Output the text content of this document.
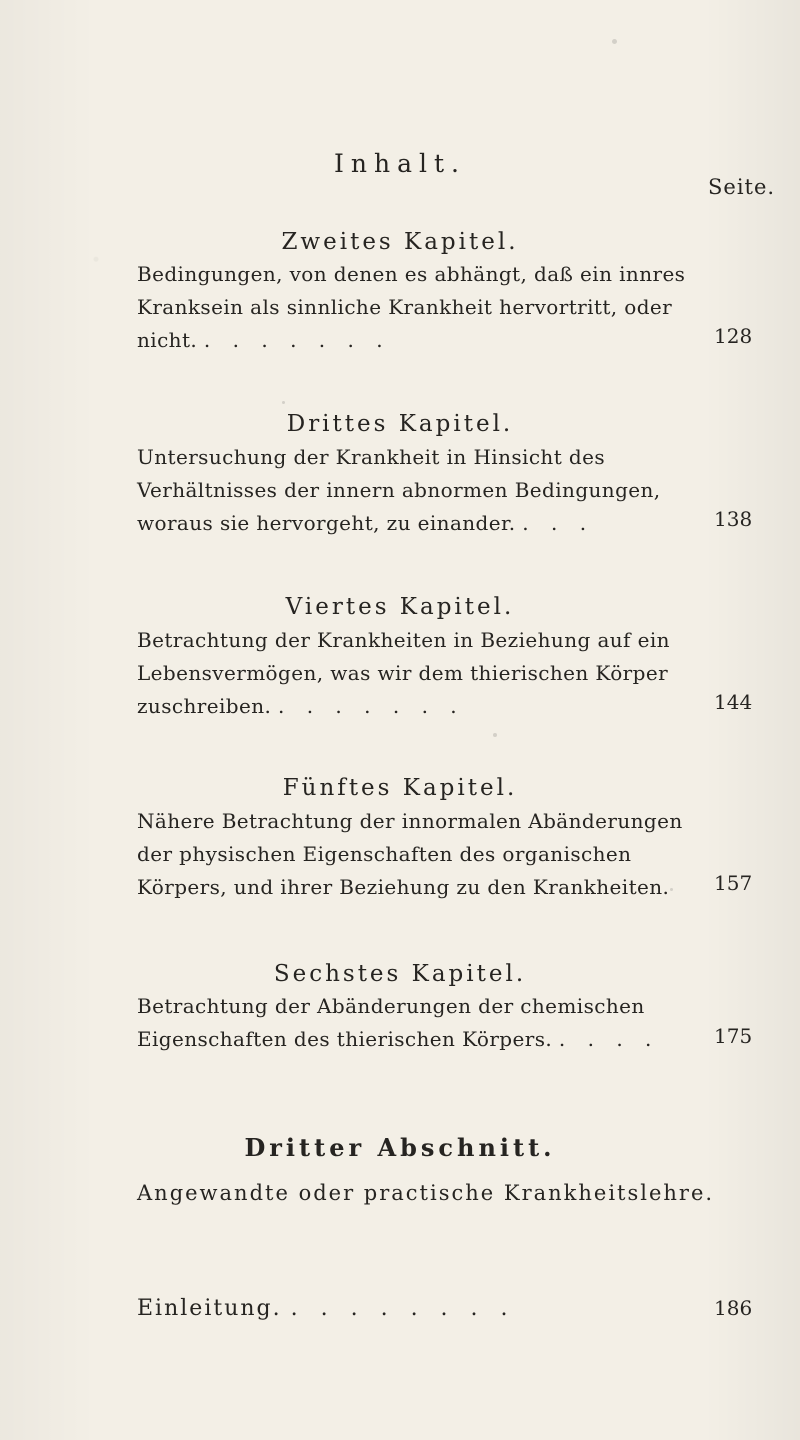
Inhalt.
Seite.
Zweites Kapitel.
Bedingungen, von denen es abhängt, daß ein innres Kranksein als sinnliche Krankheit hervortritt, oder nicht. . . . . . . .	128
Drittes Kapitel.
Untersuchung der Krankheit in Hinsicht des Verhältnisses der innern abnormen Bedingungen, woraus sie hervorgeht, zu einander. . . .	138
Viertes Kapitel.
Betrachtung der Krankheiten in Beziehung auf ein Lebensvermögen, was wir dem thierischen Körper zuschreiben. . . . . . . .	144
Fünftes Kapitel.
Nähere Betrachtung der innormalen Abänderungen der physischen Eigenschaften des organischen Körpers, und ihrer Beziehung zu den Krankheiten.	157
Sechstes Kapitel.
Betrachtung der Abänderungen der chemischen Eigenschaften des thierischen Körpers. . . . .	175
Dritter Abschnitt.
Angewandte oder practische Krankheitslehre.
Einleitung. . . . . . . . .	186
